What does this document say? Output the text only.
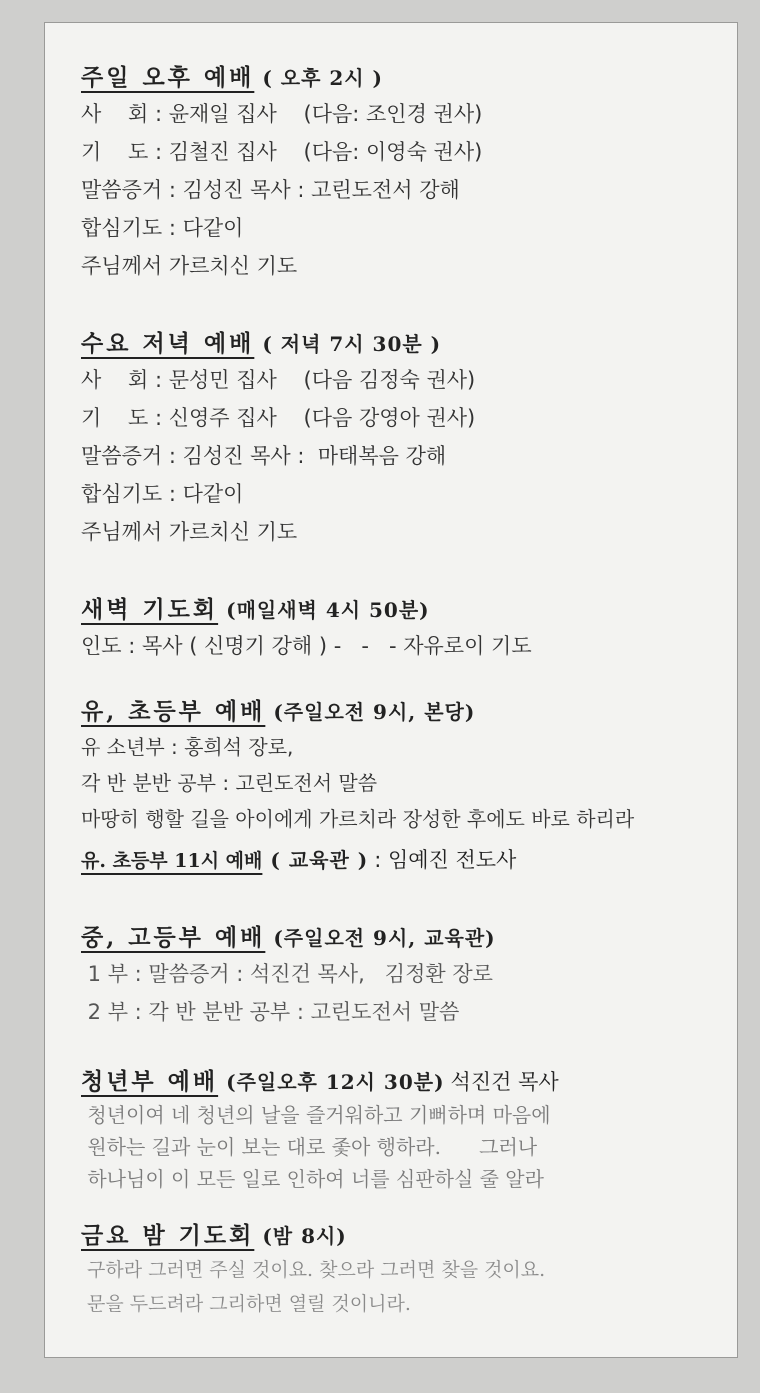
주일 오후 예배 ( 오후 2시 )
사    회 : 윤재일 집사    (다음: 조인경 권사)
기    도 : 김철진 집사    (다음: 이영숙 권사)
말씀증거 : 김성진 목사 : 고린도전서 강해
합심기도 : 다같이
주님께서 가르치신 기도
수요 저녁 예배 ( 저녁 7시 30분 )
사    회 : 문성민 집사    (다음 김정숙 권사)
기    도 : 신영주 집사    (다음 강영아 권사)
말씀증거 : 김성진 목사 :  마태복음 강해
합심기도 : 다같이
주님께서 가르치신 기도
새벽 기도회 (매일새벽 4시 50분)
인도 : 목사 ( 신명기 강해 ) -   -   - 자유로이 기도
유, 초등부 예배 (주일오전 9시, 본당)
유 소년부 : 홍희석 장로,
각 반 분반 공부 : 고린도전서 말씀
마땅히 행할 길을 아이에게 가르치라 장성한 후에도 바로 하리라
유. 초등부 11시 예배 ( 교육관 ) : 임예진 전도사
중, 고등부 예배 (주일오전 9시, 교육관)
1 부 : 말씀증거 : 석진건 목사,   김정환 장로
2 부 : 각 반 분반 공부 : 고린도전서 말씀
청년부 예배 (주일오후 12시 30분) 석진건 목사
청년이여 네 청년의 날을 즐거워하고 기뻐하며 마음에
원하는 길과 눈이 보는 대로 좇아 행하라.      그러나
하나님이 이 모든 일로 인하여 너를 심판하실 줄 알라
금요 밤 기도회 (밤 8시)
구하라 그러면 주실 것이요. 찾으라 그러면 찾을 것이요.
문을 두드려라 그리하면 열릴 것이니라.
